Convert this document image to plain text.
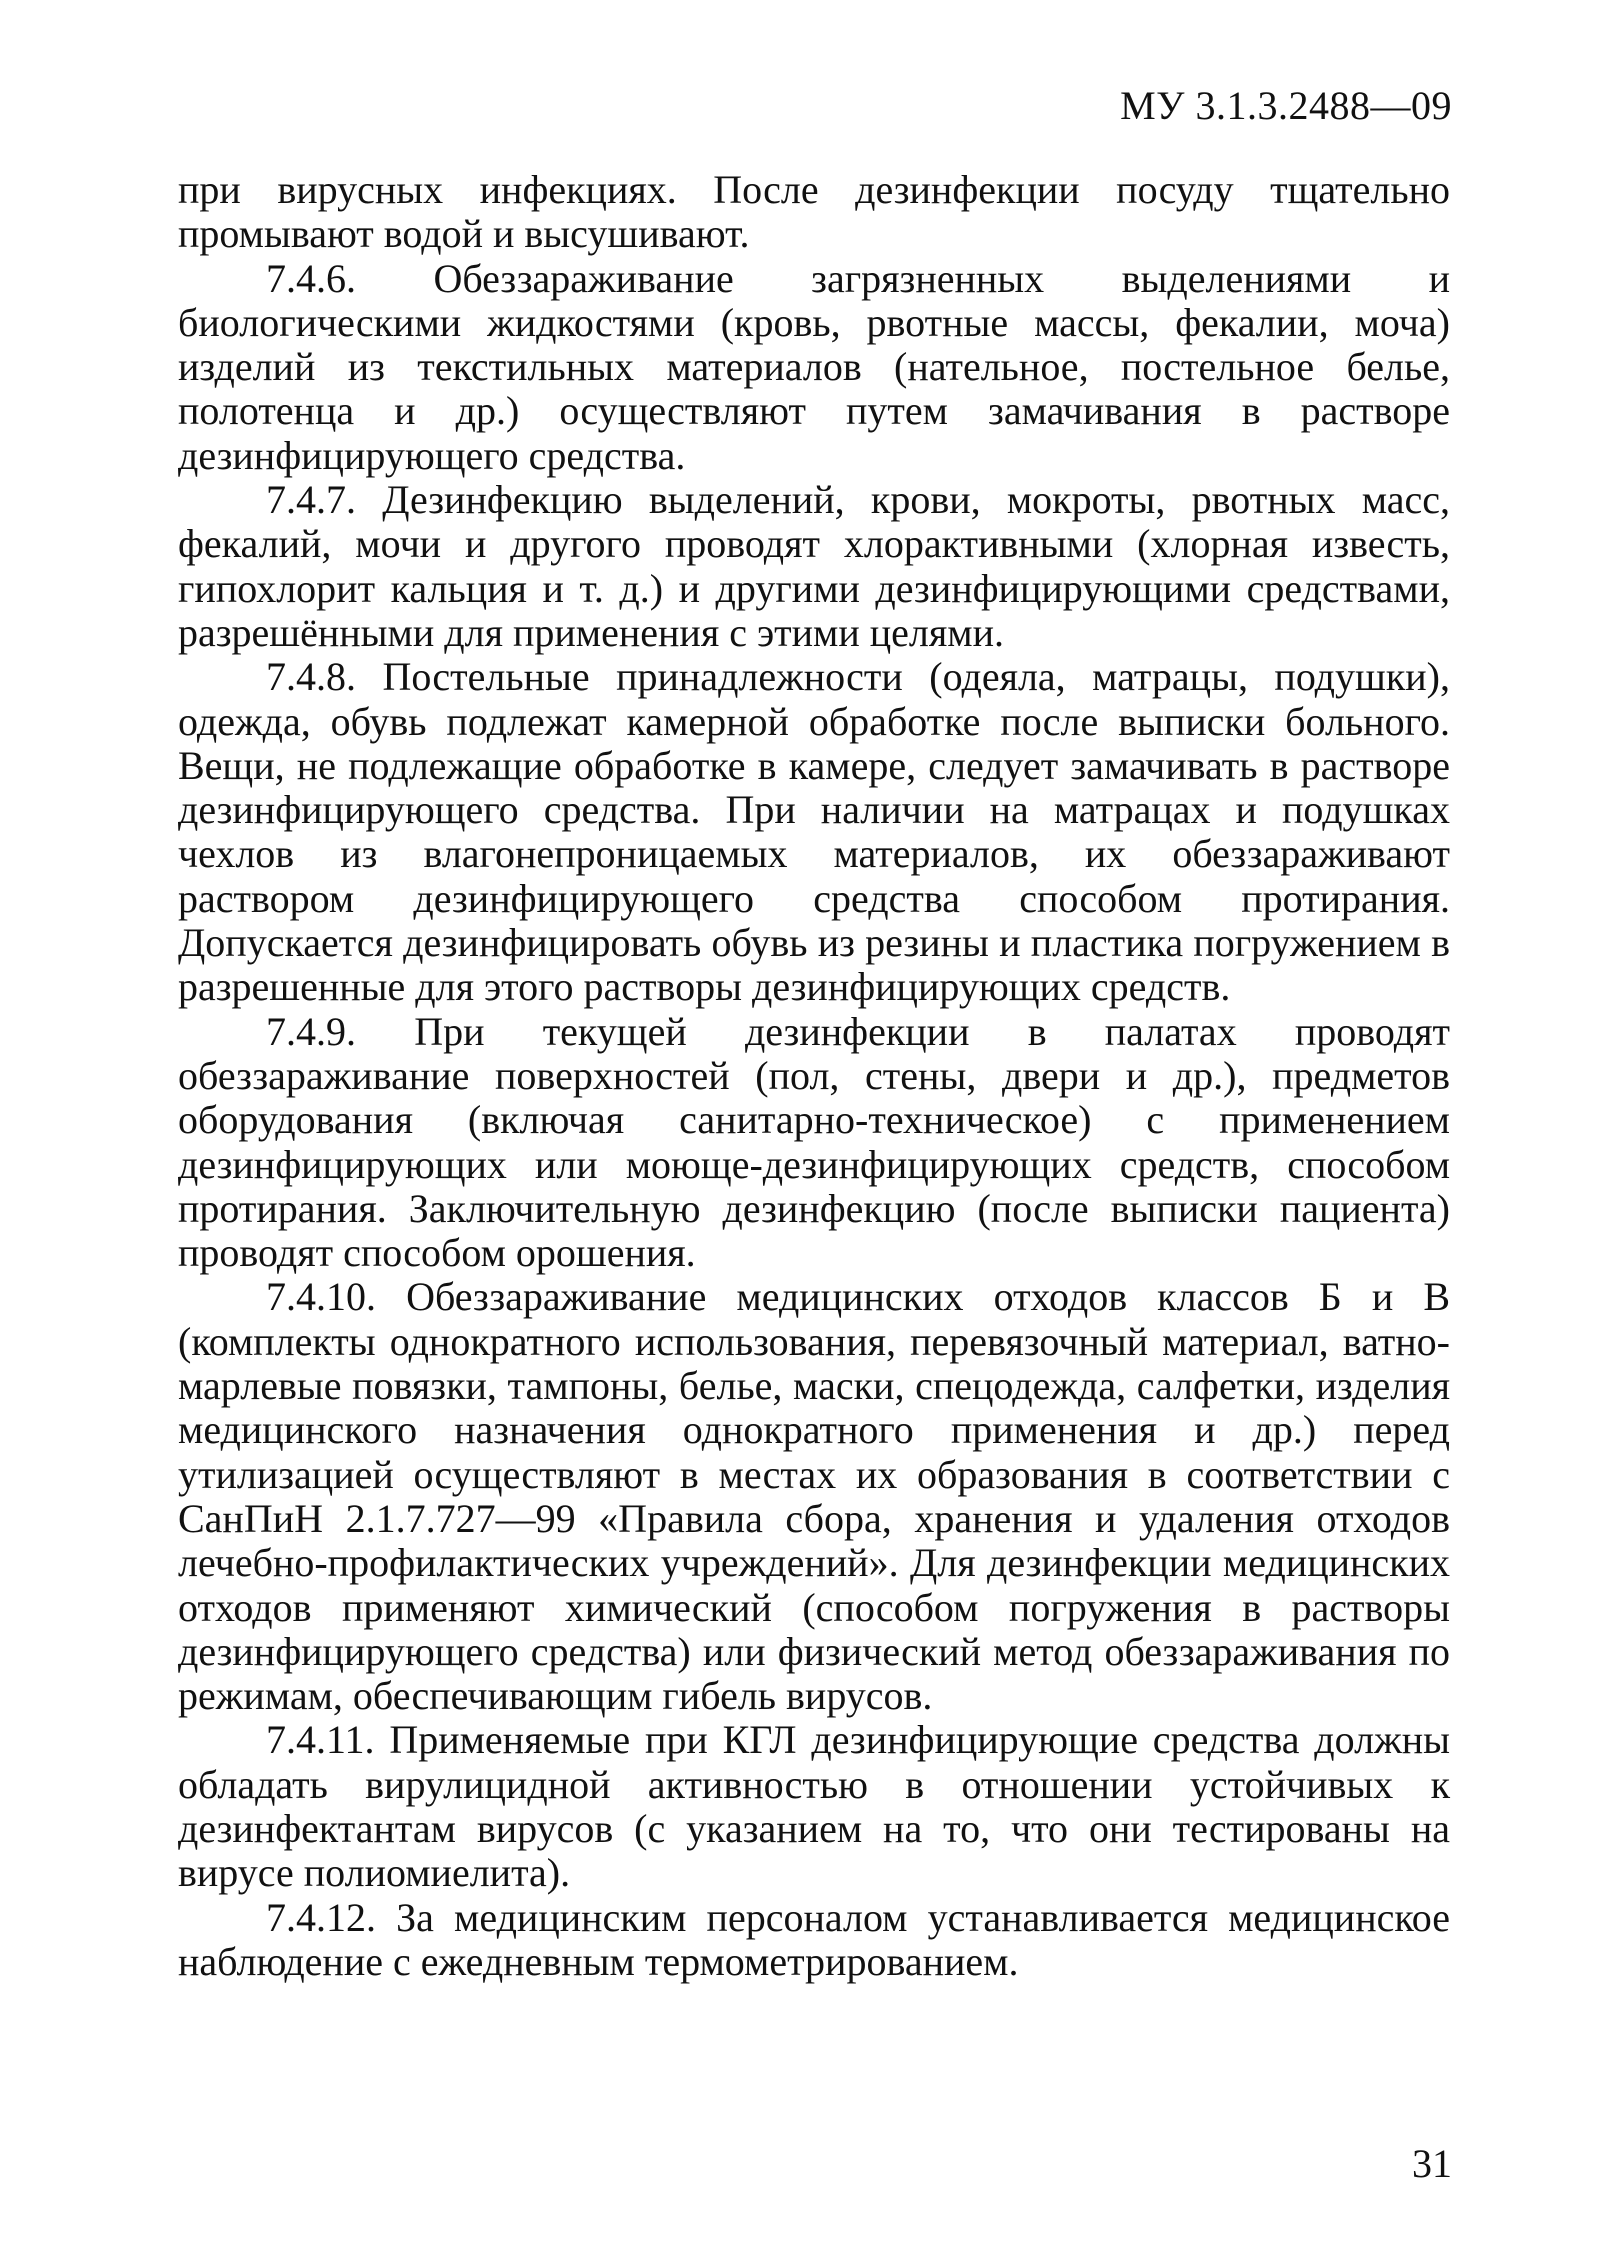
МУ 3.1.3.2488—09

при вирусных инфекциях. После дезинфекции посуду тщательно промывают водой и высушивают.

7.4.6. Обеззараживание загрязненных выделениями и биологическими жидкостями (кровь, рвотные массы, фекалии, моча) изделий из текстильных материалов (нательное, постельное белье, полотенца и др.) осуществляют путем замачивания в растворе дезинфицирующего средства.

7.4.7. Дезинфекцию выделений, крови, мокроты, рвотных масс, фекалий, мочи и другого проводят хлорактивными (хлорная известь, гипохлорит кальция и т. д.) и другими дезинфицирующими средствами, разрешёнными для применения с этими целями.

7.4.8. Постельные принадлежности (одеяла, матрацы, подушки), одежда, обувь подлежат камерной обработке после выписки больного. Вещи, не подлежащие обработке в камере, следует замачивать в растворе дезинфицирующего средства. При наличии на матрацах и подушках чехлов из влагонепроницаемых материалов, их обеззараживают раствором дезинфицирующего средства способом протирания. Допускается дезинфицировать обувь из резины и пластика погружением в разрешенные для этого растворы дезинфицирующих средств.

7.4.9. При текущей дезинфекции в палатах проводят обеззараживание поверхностей (пол, стены, двери и др.), предметов оборудования (включая санитарно-техническое) с применением дезинфицирующих или моюще-дезинфицирующих средств, способом протирания. Заключительную дезинфекцию (после выписки пациента) проводят способом орошения.

7.4.10. Обеззараживание медицинских отходов классов Б и В (комплекты однократного использования, перевязочный материал, ватно-марлевые повязки, тампоны, белье, маски, спецодежда, салфетки, изделия медицинского назначения однократного применения и др.) перед утилизацией осуществляют в местах их образования в соответствии с СанПиН 2.1.7.727—99 «Правила сбора, хранения и удаления отходов лечебно-профилактических учреждений». Для дезинфекции медицинских отходов применяют химический (способом погружения в растворы дезинфицирующего средства) или физический метод обеззараживания по режимам, обеспечивающим гибель вирусов.

7.4.11. Применяемые при КГЛ дезинфицирующие средства должны обладать вирулицидной активностью в отношении устойчивых к дезинфектантам вирусов (с указанием на то, что они тестированы на вирусе полиомиелита).

7.4.12. За медицинским персоналом устанавливается медицинское наблюдение с ежедневным термометрированием.

31
